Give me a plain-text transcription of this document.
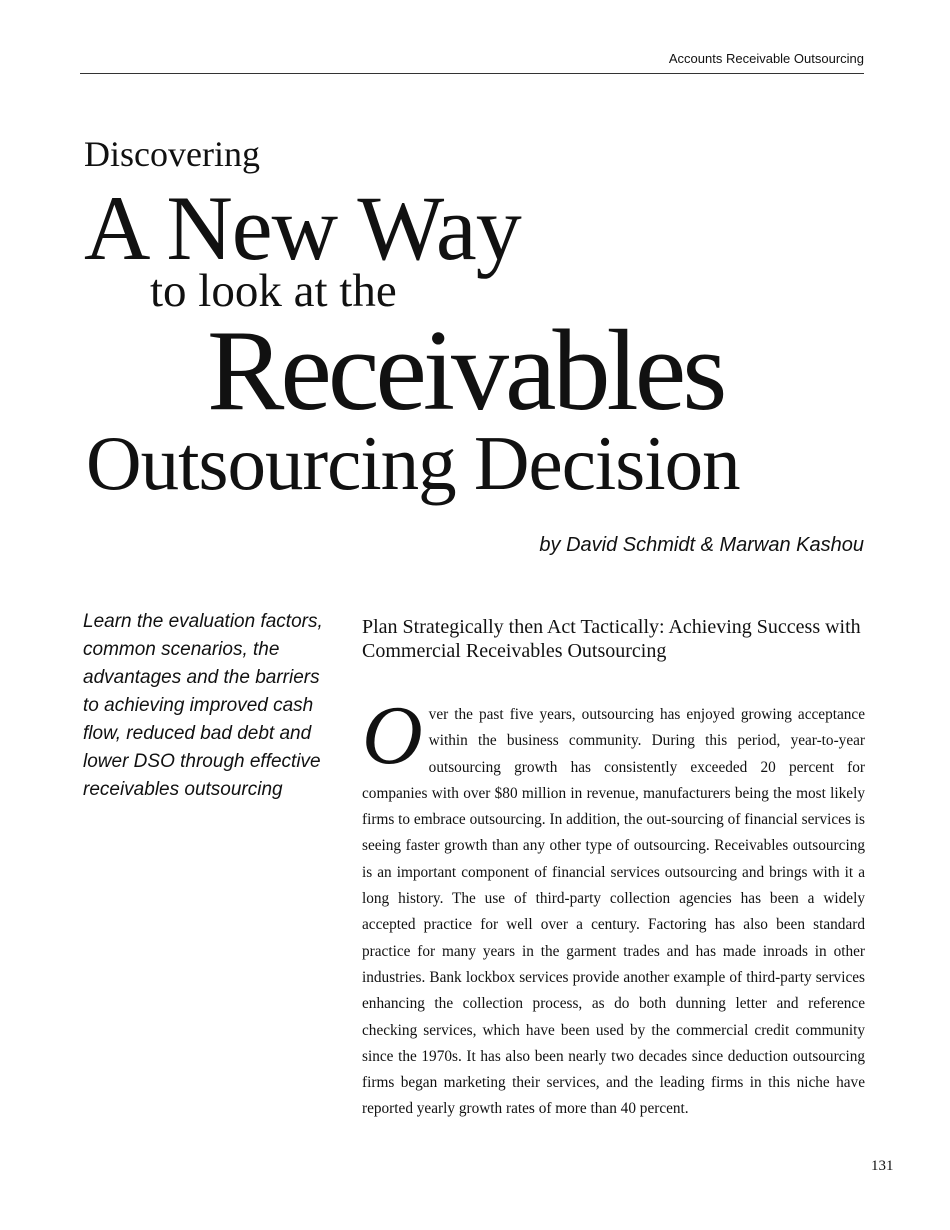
Accounts Receivable Outsourcing
Discovering
A New Way
to look at the
Receivables
Outsourcing Decision
by David Schmidt & Marwan Kashou

Learn the evaluation factors, common scenarios, the advantages and the barriers to achieving improved cash flow, reduced bad debt and lower DSO through effective receivables outsourcing

Plan Strategically then Act Tactically: Achieving Success with Commercial Receivables Outsourcing

Over the past five years, outsourcing has enjoyed growing acceptance within the business community. During this period, year-to-year outsourcing growth has consistently exceeded 20 percent for companies with over $80 million in revenue, manufacturers being the most likely firms to embrace outsourcing. In addition, the out-sourcing of financial services is seeing faster growth than any other type of outsourcing. Receivables outsourcing is an important component of financial services outsourcing and brings with it a long history. The use of third-party collection agencies has been a widely accepted practice for well over a century. Factoring has also been standard practice for many years in the garment trades and has made inroads in other industries. Bank lockbox services provide another example of third-party services enhancing the collection process, as do both dunning letter and reference checking services, which have been used by the commercial credit community since the 1970s. It has also been nearly two decades since deduction outsourcing firms began marketing their services, and the leading firms in this niche have reported yearly growth rates of more than 40 percent.

131
